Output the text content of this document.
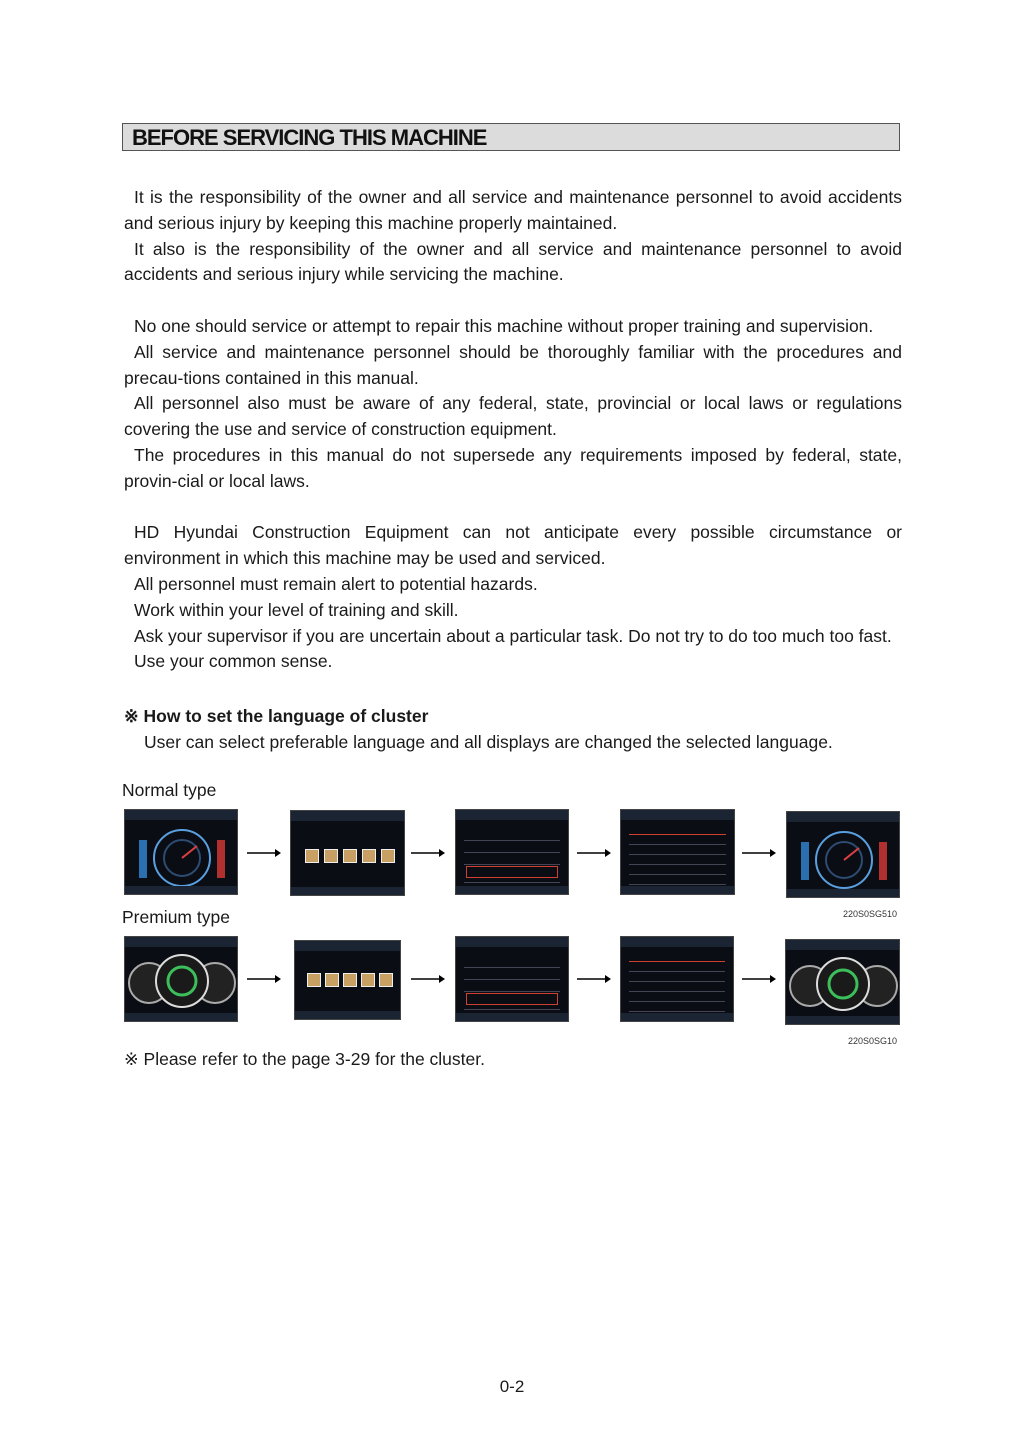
BEFORE SERVICING THIS MACHINE

It is the responsibility of the owner and all service and maintenance personnel to avoid accidents and serious injury by keeping this machine properly maintained.

It also is the responsibility of the owner and all service and maintenance personnel to avoid accidents and serious injury while servicing the machine.

No one should service or attempt to repair this machine without proper training and supervision.

All service and maintenance personnel should be thoroughly familiar with the procedures and precau-tions contained in this manual.

All personnel also must be aware of any federal, state, provincial or local laws or regulations covering the use and service of construction equipment.

The procedures in this manual do not supersede any requirements imposed by federal, state, provin-cial or local laws.

HD Hyundai Construction Equipment can not anticipate every possible circumstance or environment in which this machine may be used and serviced.

All personnel must remain alert to potential hazards.

Work within your level of training and skill.

Ask your supervisor if you are uncertain about a particular task. Do not try to do too much too fast.

Use your common sense.

※ How to set the language of cluster
User can select preferable language and all displays are changed the selected language.
Normal type
Premium type	220S0SG510
220S0SG10
※ Please refer to the page 3-29 for the cluster.
0-2
